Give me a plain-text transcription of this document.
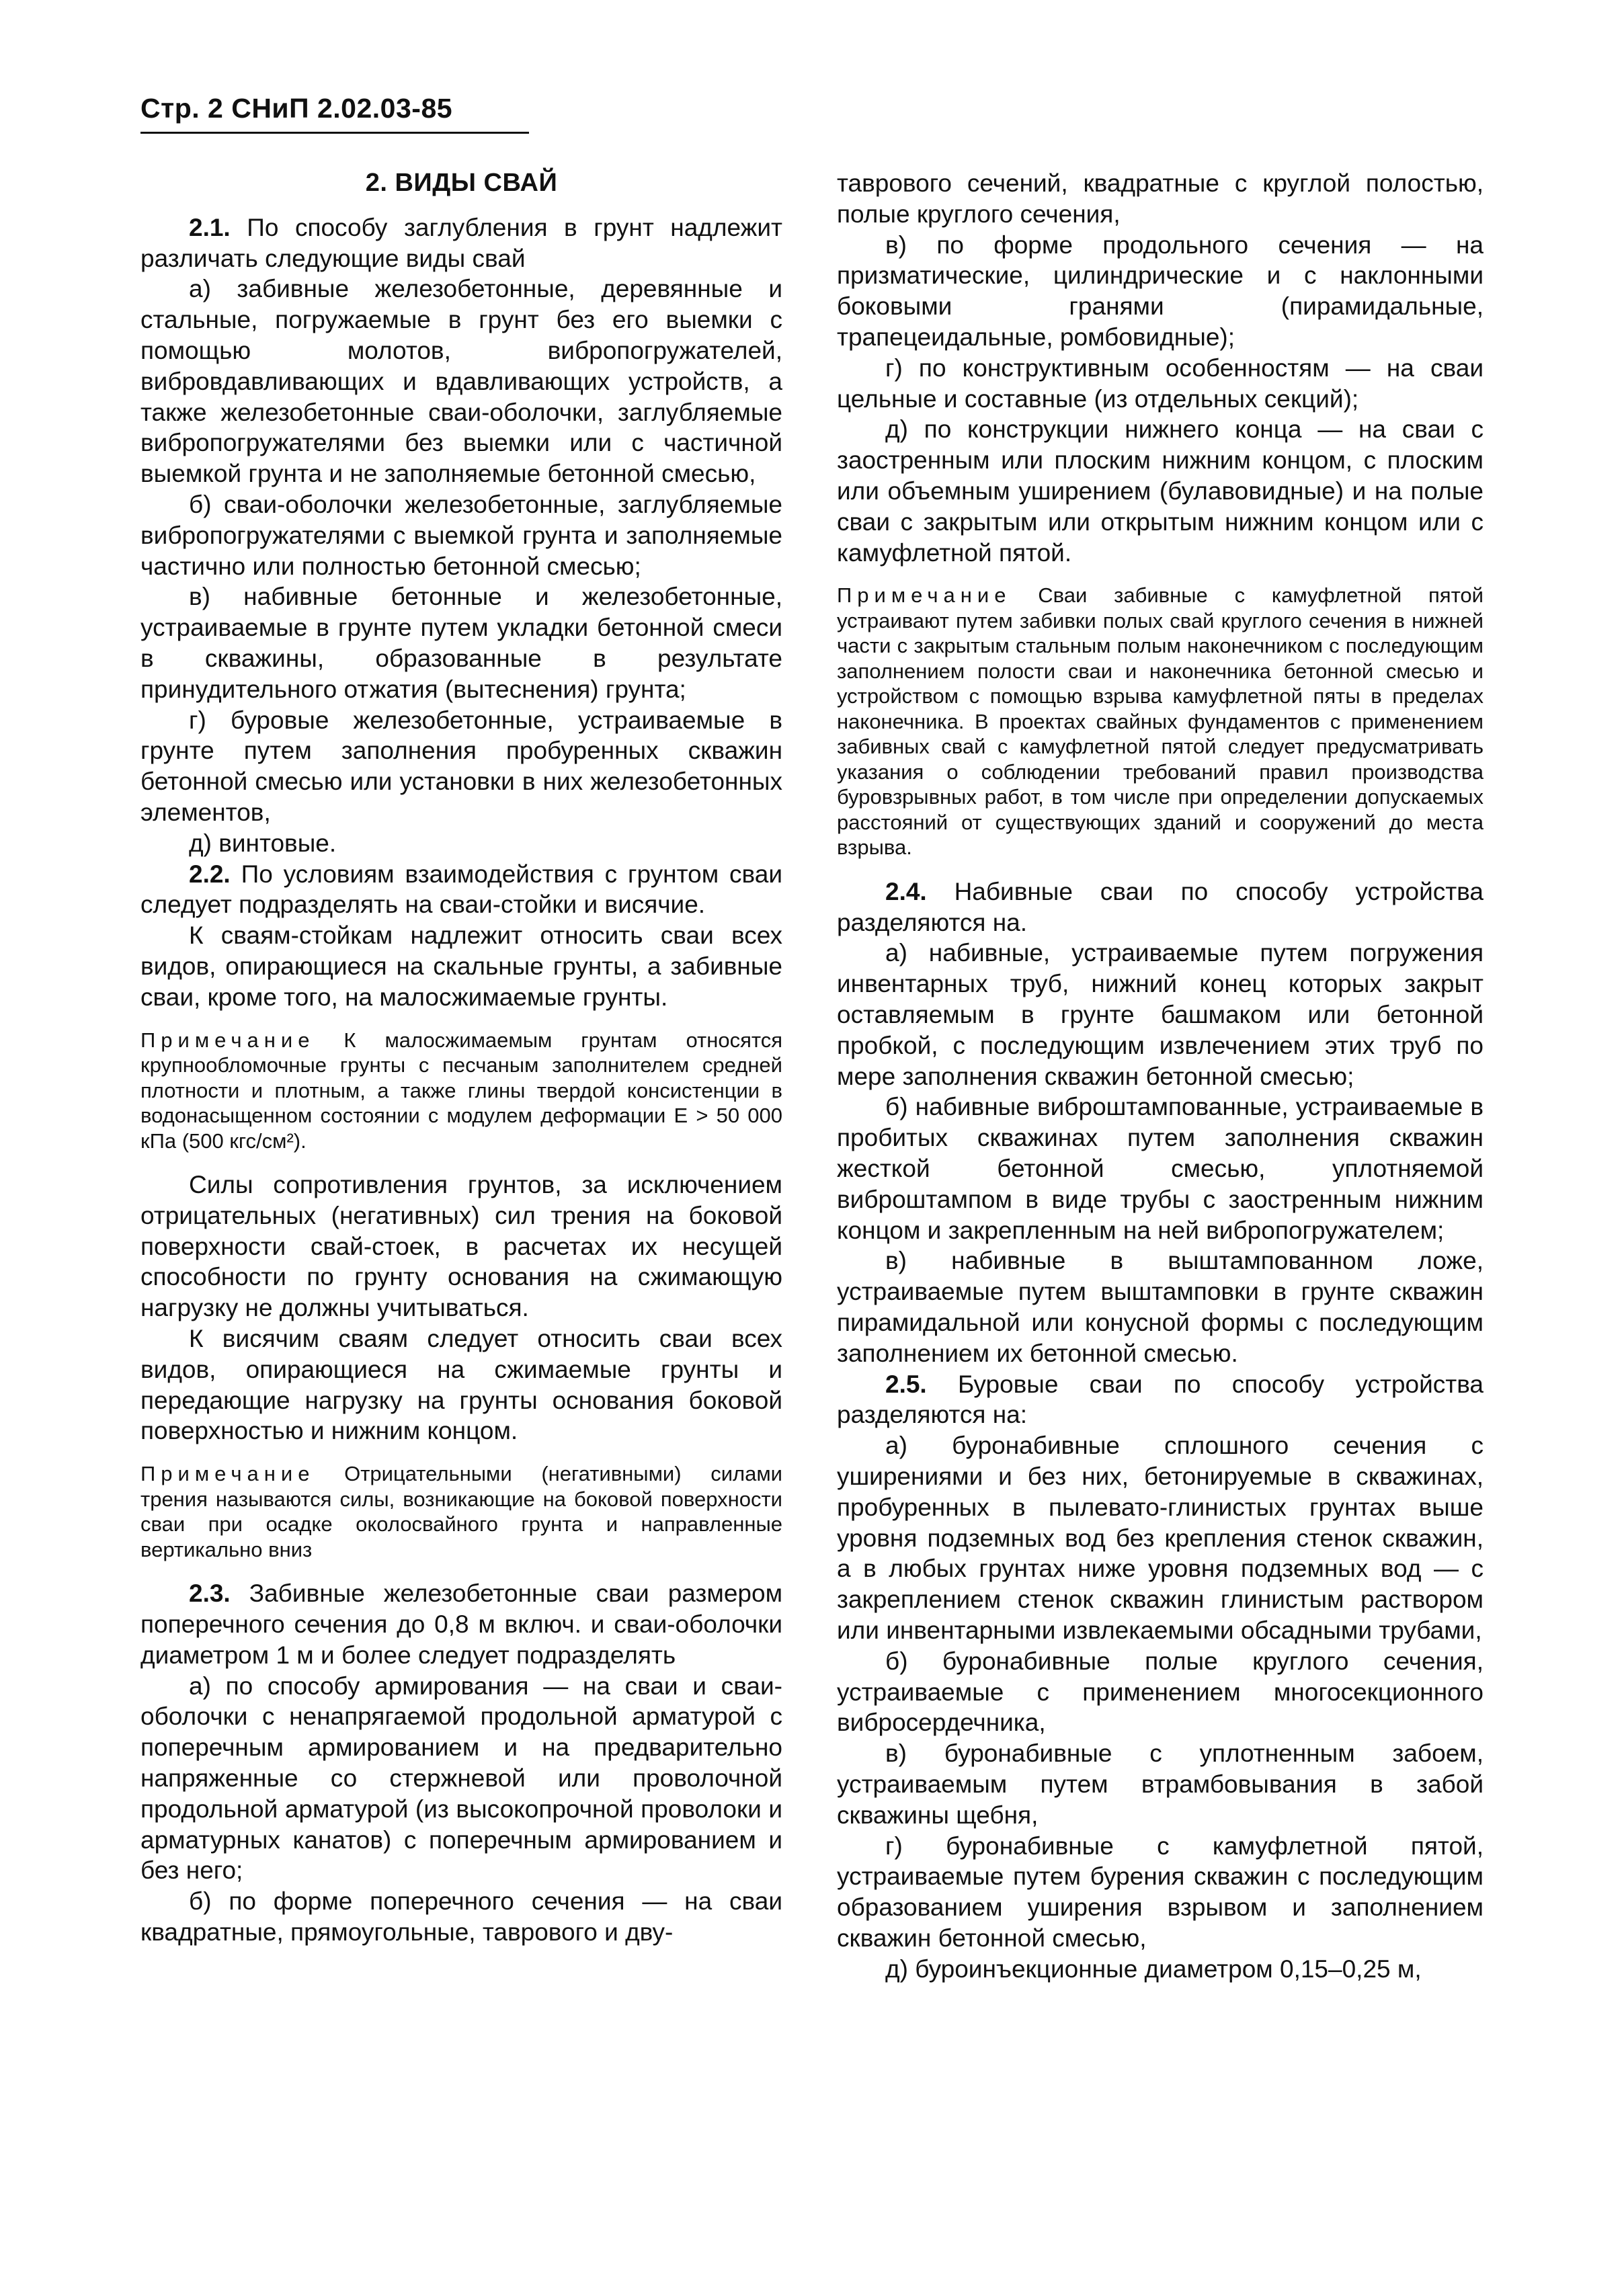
Стр. 2 СНиП 2.02.03-85

2. ВИДЫ СВАЙ

2.1. По способу заглубления в грунт надлежит различать следующие виды свай

а) забивные железобетонные, деревянные и стальные, погружаемые в грунт без его выемки с помощью молотов, вибропогружателей, вибровдавливающих и вдавливающих устройств, а также железобетонные сваи-оболочки, заглубляемые вибропогружателями без выемки или с частичной выемкой грунта и не заполняемые бетонной смесью,

б) сваи-оболочки железобетонные, заглубляемые вибропогружателями с выемкой грунта и заполняемые частично или полностью бетонной смесью;

в) набивные бетонные и железобетонные, устраиваемые в грунте путем укладки бетонной смеси в скважины, образованные в результате принудительного отжатия (вытеснения) грунта;

г) буровые железобетонные, устраиваемые в грунте путем заполнения пробуренных скважин бетонной смесью или установки в них железобетонных элементов,

д) винтовые.

2.2. По условиям взаимодействия с грунтом сваи следует подразделять на сваи-стойки и висячие.

К сваям-стойкам надлежит относить сваи всех видов, опирающиеся на скальные грунты, а забивные сваи, кроме того, на малосжимаемые грунты.

Примечание К малосжимаемым грунтам относятся крупнообломочные грунты с песчаным заполнителем средней плотности и плотным, а также глины твердой консистенции в водонасыщенном состоянии с модулем деформации E > 50 000 кПа (500 кгс/см²).

Силы сопротивления грунтов, за исключением отрицательных (негативных) сил трения на боковой поверхности свай-стоек, в расчетах их несущей способности по грунту основания на сжимающую нагрузку не должны учитываться.

К висячим сваям следует относить сваи всех видов, опирающиеся на сжимаемые грунты и передающие нагрузку на грунты основания боковой поверхностью и нижним концом.

Примечание Отрицательными (негативными) силами трения называются силы, возникающие на боковой поверхности сваи при осадке околосвайного грунта и направленные вертикально вниз

2.3. Забивные железобетонные сваи размером поперечного сечения до 0,8 м включ. и сваи-оболочки диаметром 1 м и более следует подразделять

а) по способу армирования — на сваи и сваи-оболочки с ненапрягаемой продольной арматурой с поперечным армированием и на предварительно напряженные со стержневой или проволочной продольной арматурой (из высокопрочной проволоки и арматурных канатов) с поперечным армированием и без него;

б) по форме поперечного сечения — на сваи квадратные, прямоугольные, таврового и дву-

таврового сечений, квадратные с круглой полостью, полые круглого сечения,

в) по форме продольного сечения — на призматические, цилиндрические и с наклонными боковыми гранями (пирамидальные, трапецеидальные, ромбовидные);

г) по конструктивным особенностям — на сваи цельные и составные (из отдельных секций);

д) по конструкции нижнего конца — на сваи с заостренным или плоским нижним концом, с плоским или объемным уширением (булавовидные) и на полые сваи с закрытым или открытым нижним концом или с камуфлетной пятой.

Примечание Сваи забивные с камуфлетной пятой устраивают путем забивки полых свай круглого сечения в нижней части с закрытым стальным полым наконечником с последующим заполнением полости сваи и наконечника бетонной смесью и устройством с помощью взрыва камуфлетной пяты в пределах наконечника. В проектах свайных фундаментов с применением забивных свай с камуфлетной пятой следует предусматривать указания о соблюдении требований правил производства буровзрывных работ, в том числе при определении допускаемых расстояний от существующих зданий и сооружений до места взрыва.

2.4. Набивные сваи по способу устройства разделяются на.

а) набивные, устраиваемые путем погружения инвентарных труб, нижний конец которых закрыт оставляемым в грунте башмаком или бетонной пробкой, с последующим извлечением этих труб по мере заполнения скважин бетонной смесью;

б) набивные виброштампованные, устраиваемые в пробитых скважинах путем заполнения скважин жесткой бетонной смесью, уплотняемой виброштампом в виде трубы с заостренным нижним концом и закрепленным на ней вибропогружателем;

в) набивные в выштампованном ложе, устраиваемые путем выштамповки в грунте скважин пирамидальной или конусной формы с последующим заполнением их бетонной смесью.

2.5. Буровые сваи по способу устройства разделяются на:

а) буронабивные сплошного сечения с уширениями и без них, бетонируемые в скважинах, пробуренных в пылевато-глинистых грунтах выше уровня подземных вод без крепления стенок скважин, а в любых грунтах ниже уровня подземных вод — с закреплением стенок скважин глинистым раствором или инвентарными извлекаемыми обсадными трубами,

б) буронабивные полые круглого сечения, устраиваемые с применением многосекционного виброcердечника,

в) буронабивные с уплотненным забоем, устраиваемым путем втрамбовывания в забой скважины щебня,

г) буронабивные с камуфлетной пятой, устраиваемые путем бурения скважин с последующим образованием уширения взрывом и заполнением скважин бетонной смесью,

д) буроинъекционные диаметром 0,15–0,25 м,
